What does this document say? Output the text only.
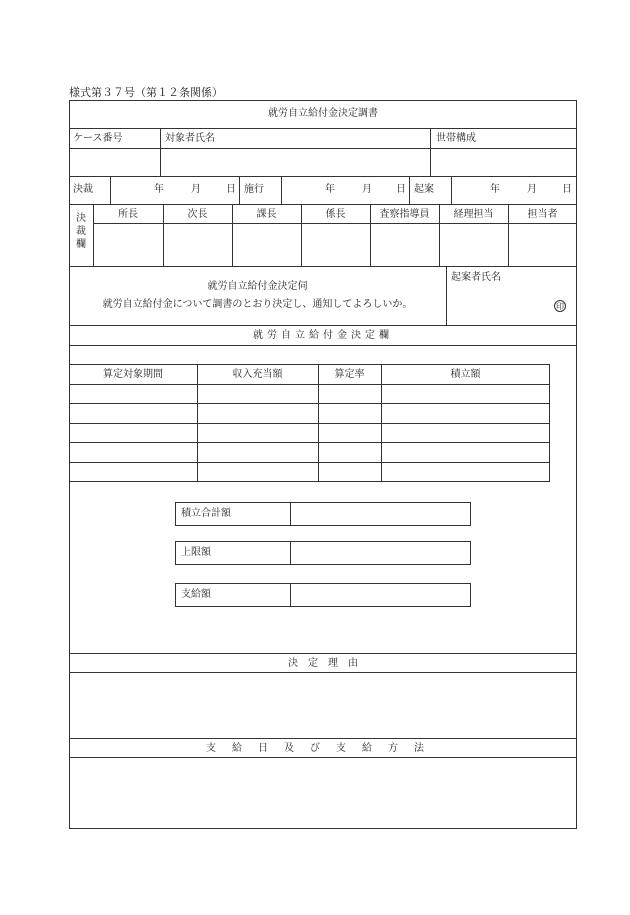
様式第３７号（第１２条関係）
就労自立給付金決定調書
ケース番号	対象者氏名	世帯構成
決裁	年	月	日 施行	年	月 日 起案	年	月	日
決裁欄
所長	次長	課長	係長	査察指導員	経理担当	担当者
就労自立給付金決定伺
就労自立給付金について調書のとおり決定し、通知してよろしいか。
起案者氏名
印
就労自立給付金決定欄
算定対象期間	収入充当額	算定率	積立額
積立合計額
上限額
支給額
決　定　理　由
支給日及び支給方法
